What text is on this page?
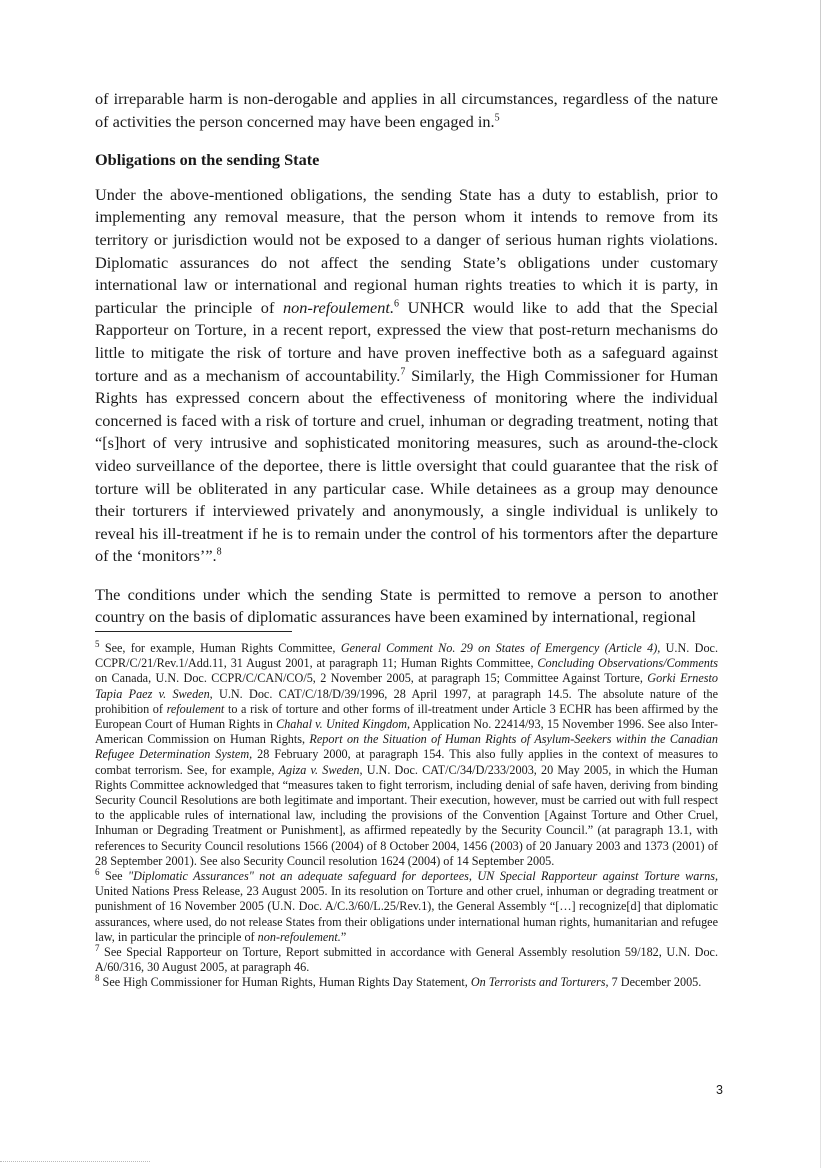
of irreparable harm is non-derogable and applies in all circumstances, regardless of the nature of activities the person concerned may have been engaged in.$^5$

Obligations on the sending State

Under the above-mentioned obligations, the sending State has a duty to establish, prior to implementing any removal measure, that the person whom it intends to remove from its territory or jurisdiction would not be exposed to a danger of serious human rights violations. Diplomatic assurances do not affect the sending State’s obligations under customary international law or international and regional human rights treaties to which it is party, in particular the principle of non-refoulement.$^6$ UNHCR would like to add that the Special Rapporteur on Torture, in a recent report, expressed the view that post-return mechanisms do little to mitigate the risk of torture and have proven ineffective both as a safeguard against torture and as a mechanism of accountability.$^7$ Similarly, the High Commissioner for Human Rights has expressed concern about the effectiveness of monitoring where the individual concerned is faced with a risk of torture and cruel, inhuman or degrading treatment, noting that “[s]hort of very intrusive and sophisticated monitoring measures, such as around-the-clock video surveillance of the deportee, there is little oversight that could guarantee that the risk of torture will be obliterated in any particular case. While detainees as a group may denounce their torturers if interviewed privately and anonymously, a single individual is unlikely to reveal his ill-treatment if he is to remain under the control of his tormentors after the departure of the ‘monitors’”.$^8$

The conditions under which the sending State is permitted to remove a person to another country on the basis of diplomatic assurances have been examined by international, regional

$^5$ See, for example, Human Rights Committee, General Comment No. 29 on States of Emergency (Article 4), U.N. Doc. CCPR/C/21/Rev.1/Add.11, 31 August 2001, at paragraph 11; Human Rights Committee, Concluding Observations/Comments on Canada, U.N. Doc. CCPR/C/CAN/CO/5, 2 November 2005, at paragraph 15; Committee Against Torture, Gorki Ernesto Tapia Paez v. Sweden, U.N. Doc. CAT/C/18/D/39/1996, 28 April 1997, at paragraph 14.5. The absolute nature of the prohibition of refoulement to a risk of torture and other forms of ill-treatment under Article 3 ECHR has been affirmed by the European Court of Human Rights in Chahal v. United Kingdom, Application No. 22414/93, 15 November 1996. See also Inter-American Commission on Human Rights, Report on the Situation of Human Rights of Asylum-Seekers within the Canadian Refugee Determination System, 28 February 2000, at paragraph 154. This also fully applies in the context of measures to combat terrorism. See, for example, Agiza v. Sweden, U.N. Doc. CAT/C/34/D/233/2003, 20 May 2005, in which the Human Rights Committee acknowledged that “measures taken to fight terrorism, including denial of safe haven, deriving from binding Security Council Resolutions are both legitimate and important. Their execution, however, must be carried out with full respect to the applicable rules of international law, including the provisions of the Convention [Against Torture and Other Cruel, Inhuman or Degrading Treatment or Punishment], as affirmed repeatedly by the Security Council.” (at paragraph 13.1, with references to Security Council resolutions 1566 (2004) of 8 October 2004, 1456 (2003) of 20 January 2003 and 1373 (2001) of 28 September 2001). See also Security Council resolution 1624 (2004) of 14 September 2005.

$^6$ See "Diplomatic Assurances" not an adequate safeguard for deportees, UN Special Rapporteur against Torture warns, United Nations Press Release, 23 August 2005. In its resolution on Torture and other cruel, inhuman or degrading treatment or punishment of 16 November 2005 (U.N. Doc. A/C.3/60/L.25/Rev.1), the General Assembly “[…] recognize[d] that diplomatic assurances, where used, do not release States from their obligations under international human rights, humanitarian and refugee law, in particular the principle of non-refoulement.”

$^7$ See Special Rapporteur on Torture, Report submitted in accordance with General Assembly resolution 59/182, U.N. Doc. A/60/316, 30 August 2005, at paragraph 46.

$^8$ See High Commissioner for Human Rights, Human Rights Day Statement, On Terrorists and Torturers, 7 December 2005.

3
